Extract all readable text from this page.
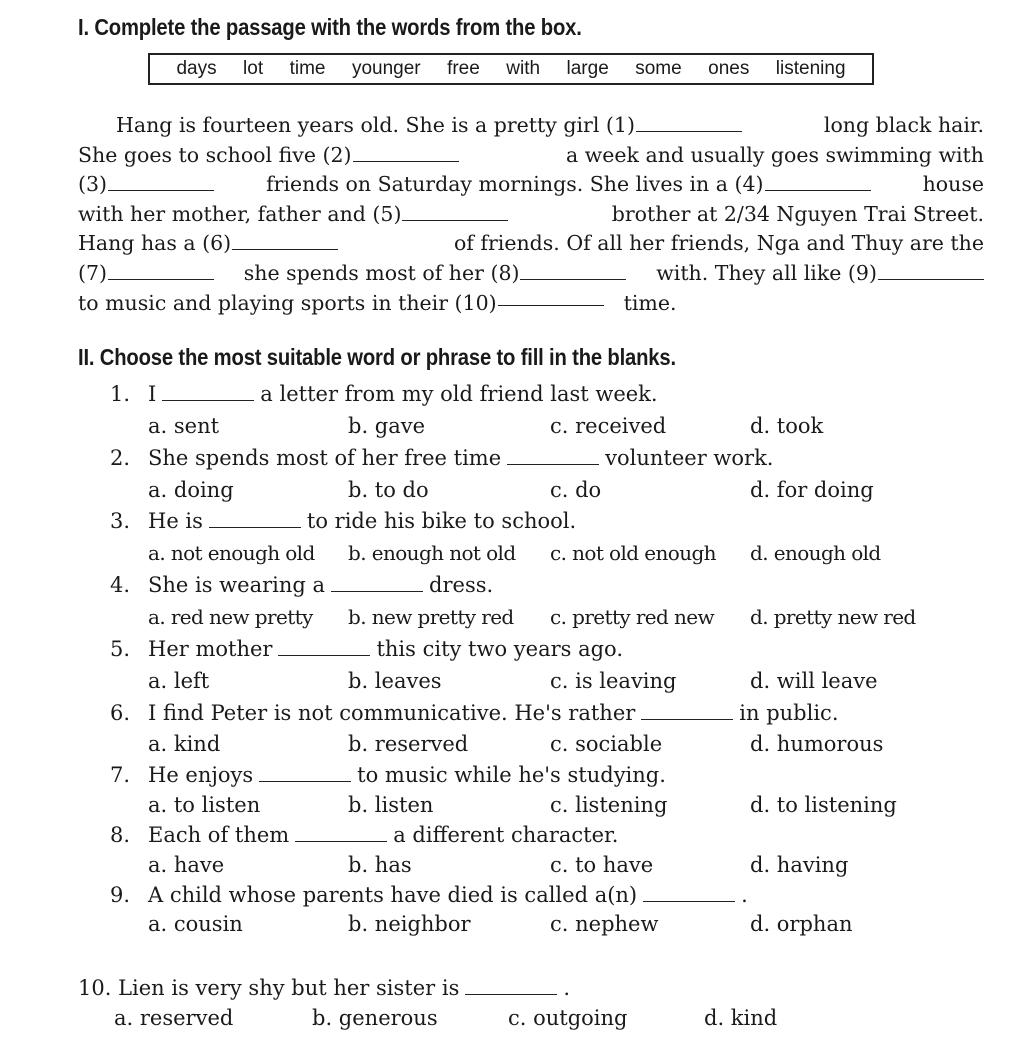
I. Complete the passage with the words from the box.
days lot time younger free with large some ones listening
Hang is fourteen years old. She is a pretty girl (1)	long black hair.
She goes to school five (2)	a week and usually goes swimming with
(3)	friends on Saturday mornings. She lives in a (4)	house
with her mother, father and (5)	brother at 2/34 Nguyen Trai Street.
Hang has a (6)	of friends. Of all her friends, Nga and Thuy are the
(7)	she spends most of her (8)	with. They all like (9)
to music and playing sports in their (10)	time.
II. Choose the most suitable word or phrase to fill in the blanks.
1. I	a letter from my old friend last week.
a. sent	b. gave	c. received	d. took
2. She spends most of her free time	volunteer work.
a. doing	b. to do	c. do	d. for doing
3. He is	to ride his bike to school.
a. not enough old b. enough not old c. not old enough d. enough old
4. She is wearing a	dress.
a. red new pretty b. new pretty red c. pretty red new d. pretty new red
5. Her mother	this city two years ago.
a. left	b. leaves	c. is leaving	d. will leave
6. I find Peter is not communicative. He's rather	in public.
a. kind	b. reserved	c. sociable	d. humorous
7. He enjoys	to music while he's studying.
a. to listen	b. listen	c. listening	d. to listening
8. Each of them	a different character.
a. have	b. has	c. to have	d. having
9. A child whose parents have died is called a(n)	.
a. cousin	b. neighbor	c. nephew	d. orphan
10. Lien is very shy but her sister is	.
a. reserved	b. generous	c. outgoing	d. kind
